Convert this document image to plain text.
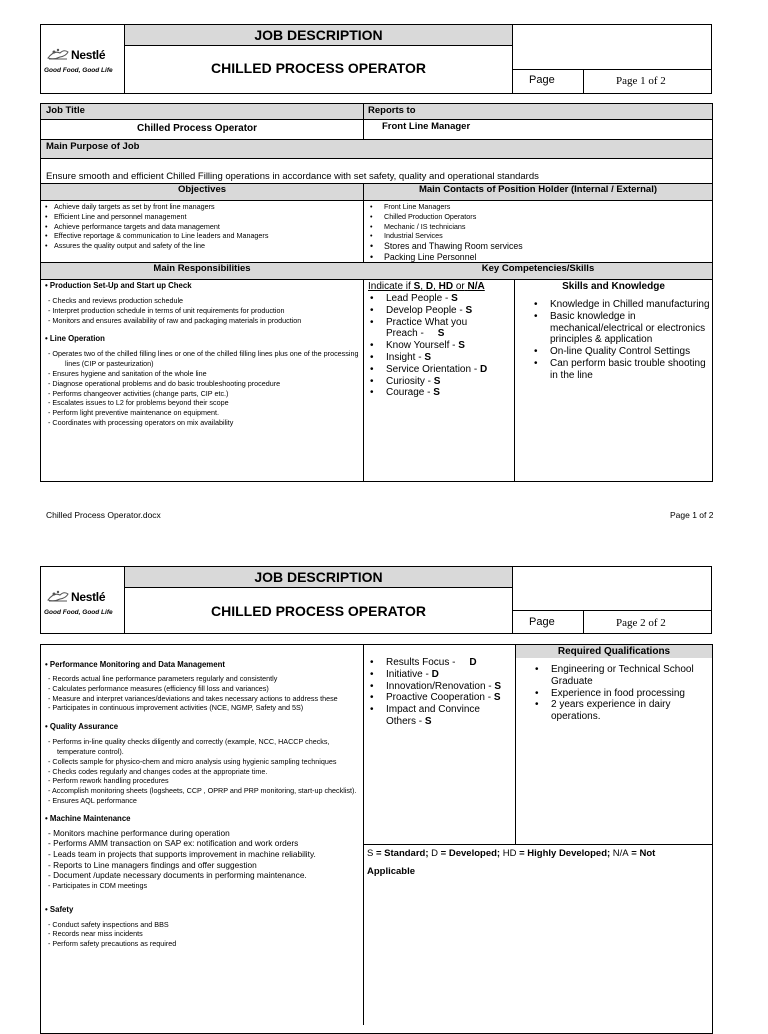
Nestlé
Good Food, Good Life
JOB DESCRIPTION
CHILLED PROCESS OPERATOR
Page	Page 1 of 2
Job Title	Reports to
Chilled Process Operator	Front Line Manager
Main Purpose of Job
Ensure smooth and efficient Chilled Filling operations in accordance with set safety, quality and operational standards
Objectives	Main Contacts of Position Holder (Internal / External)
• Achieve daily targets as set by front line managers
• Efficient Line and personnel management
• Achieve performance targets and data management
• Effective reportage & communication to Line leaders and Managers
• Assures the quality output and safety of the line
• Front Line Managers
• Chilled Production Operators
• Mechanic / IS technicians
• Industrial Services
• Stores and Thawing Room services
• Packing Line Personnel
Main Responsibilities	Key Competencies/Skills
• Production Set-Up and Start up Check
- Checks and reviews production schedule
- Interpret production schedule in terms of unit requirements for production
- Monitors and ensures availability of raw and packaging materials in production
• Line Operation
- Operates two of the chilled filling lines or one of the chilled filling lines plus one of the processing lines (CIP or pasteurization)
- Ensures hygiene and sanitation of the whole line
- Diagnose operational problems and do basic troubleshooting procedure
- Performs changeover activities (change parts, CIP etc.)
- Escalates issues to L2 for problems beyond their scope
- Perform light preventive maintenance on equipment.
- Coordinates with processing operators on mix availability
Indicate if S, D, HD or N/A
• Lead People - S
• Develop People - S
• Practice What you
Preach -     S
• Know Yourself - S
• Insight - S
• Service Orientation - D
• Curiosity - S
• Courage - S
Skills and Knowledge
• Knowledge in Chilled manufacturing
• Basic knowledge in mechanical/electrical or electronics principles & application
• On-line Quality Control Settings
• Can perform basic trouble shooting in the line
Chilled Process Operator.docx	Page 1 of 2
Nestlé
Good Food, Good Life
JOB DESCRIPTION
CHILLED PROCESS OPERATOR
Page	Page 2 of 2
• Performance Monitoring and Data Management
- Records actual line performance parameters regularly and consistently
- Calculates performance measures (efficiency fill loss and variances)
- Measure and interpret variances/deviations and takes necessary actions to address these
- Participates in continuous improvement activities (NCE, NGMP, Safety and 5S)
• Quality Assurance
- Performs in-line quality checks diligently and correctly (example, NCC, HACCP checks, temperature control).
- Collects sample for physico-chem and micro analysis using hygienic sampling techniques
- Checks codes regularly and changes codes at the appropriate time.
- Perform rework handling procedures
- Accomplish monitoring sheets (logsheets, CCP , OPRP and PRP monitoring, start-up checklist).
- Ensures AQL performance
• Machine Maintenance
- Monitors machine performance during operation
- Performs AMM transaction on SAP ex: notification and work orders
- Leads team in projects that supports improvement in machine reliability.
- Reports to Line managers findings and offer suggestion
- Document /update necessary documents in performing maintenance.
- Participates in CDM meetings
• Safety
- Conduct safety inspections and BBS
- Records near miss incidents
- Perform safety precautions as required
• Results Focus -     D
• Initiative - D
• Innovation/Renovation - S
• Proactive Cooperation - S
• Impact and Convince
Others - S
Required Qualifications
• Engineering or Technical School Graduate
• Experience in food processing
• 2 years experience in dairy operations.
S = Standard; D = Developed; HD = Highly Developed; N/A = Not
Applicable
